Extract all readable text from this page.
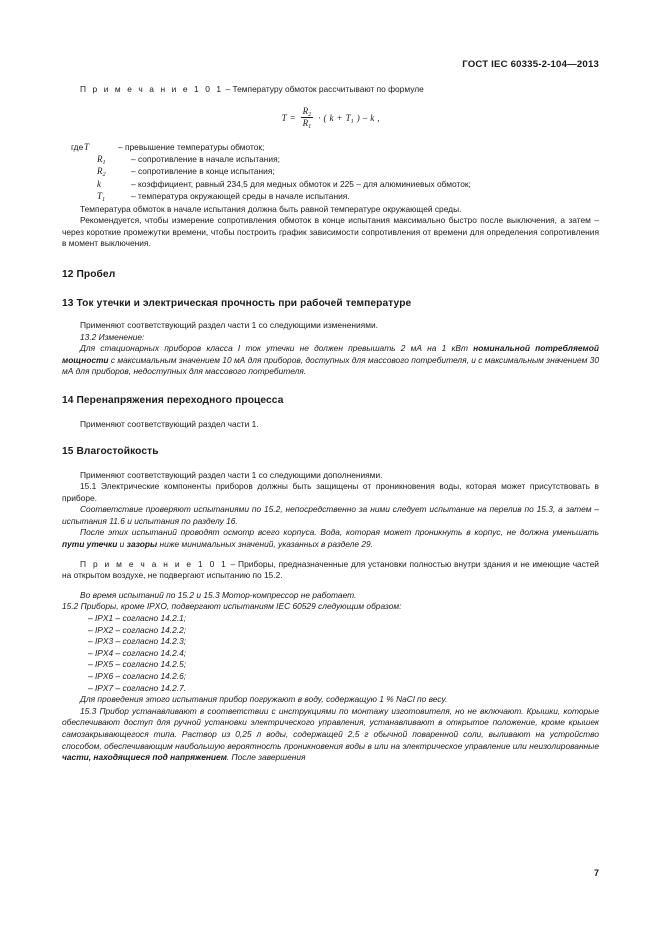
ГОСТ IEC 60335-2-104—2013

П р и м е ч а н и е 1 0 1 – Температуру обмоток рассчитывают по формуле

$T = \frac{R_2}{R_1}$ · ( $k + T_1$ ) – k ,
где T	– превышение температуры обмоток;
$R_1$	– сопротивление в начале испытания;
$R_2$	– сопротивление в конце испытания;
k	– коэффициент, равный 234,5 для медных обмоток и 225 – для алюминиевых обмоток;
$T_1$	– температура окружающей среды в начале испытания.

Температура обмоток в начале испытания должна быть равной температуре окружающей среды.

Рекомендуется, чтобы измерение сопротивления обмоток в конце испытания максимально быстро после выключения, а затем – через короткие промежутки времени, чтобы построить график зависимости сопротивления от времени для определения сопротивления в момент выключения.

12 Пробел
13 Ток утечки и электрическая прочность при рабочей температуре

Применяют соответствующий раздел части 1 со следующими изменениями.

13.2 Изменение:

Для стационарных приборов класса I ток утечки не должен превышать 2 мА на 1 кВт номинальной потребляемой мощности с максимальным значением 10 мА для приборов, доступных для массового потребителя, и с максимальным значением 30 мА для приборов, недоступных для массового потребителя.

14 Перенапряжения переходного процесса

Применяют соответствующий раздел части 1.

15 Влагостойкость

Применяют соответствующий раздел части 1 со следующими дополнениями.

15.1 Электрические компоненты приборов должны быть защищены от проникновения воды, которая может присутствовать в приборе.

Соответствие проверяют испытаниями по 15.2, непосредственно за ними следует испытание на перелив по 15.3, а затем – испытания 11.6 и испытания по разделу 16.

После этих испытаний проводят осмотр всего корпуса. Вода, которая может проникнуть в корпус, не должна уменьшать пути утечки и зазоры ниже минимальных значений, указанных в разделе 29.

П р и м е ч а н и е 1 0 1 – Приборы, предназначенные для установки полностью внутри здания и не имеющие частей на открытом воздухе, не подвергают испытанию по 15.2.

Во время испытаний по 15.2 и 15.3 Мотор-компрессор не работает.

15.2 Приборы, кроме IPXO, подвергают испытаниям IEC 60529 следующим образом:

– IPX1 – согласно 14.2.1;
– IPX2 – согласно 14.2.2;
– IPX3 – согласно 14.2.3;
– IPX4 – согласно 14.2.4;
– IPX5 – согласно 14.2.5;
– IPX6 – согласно 14.2.6;
– IPX7 – согласно 14.2.7.

Для проведения этого испытания прибор погружают в воду, содержащую 1 % NaCl по весу.

15.3 Прибор устанавливают в соответствии с инструкциями по монтажу изготовителя, но не включают. Крышки, которые обеспечивают доступ для ручной установки электрического управления, устанавливают в открытое положение, кроме крышек самозакрывающегося типа. Раствор из 0,25 л воды, содержащей 2,5 г обычной поваренной соли, выливают на устройство способом, обеспечивающим наибольшую вероятность проникновения воды в или на электрическое управление или неизолированные части, находящиеся под напряжением. После завершения

7
